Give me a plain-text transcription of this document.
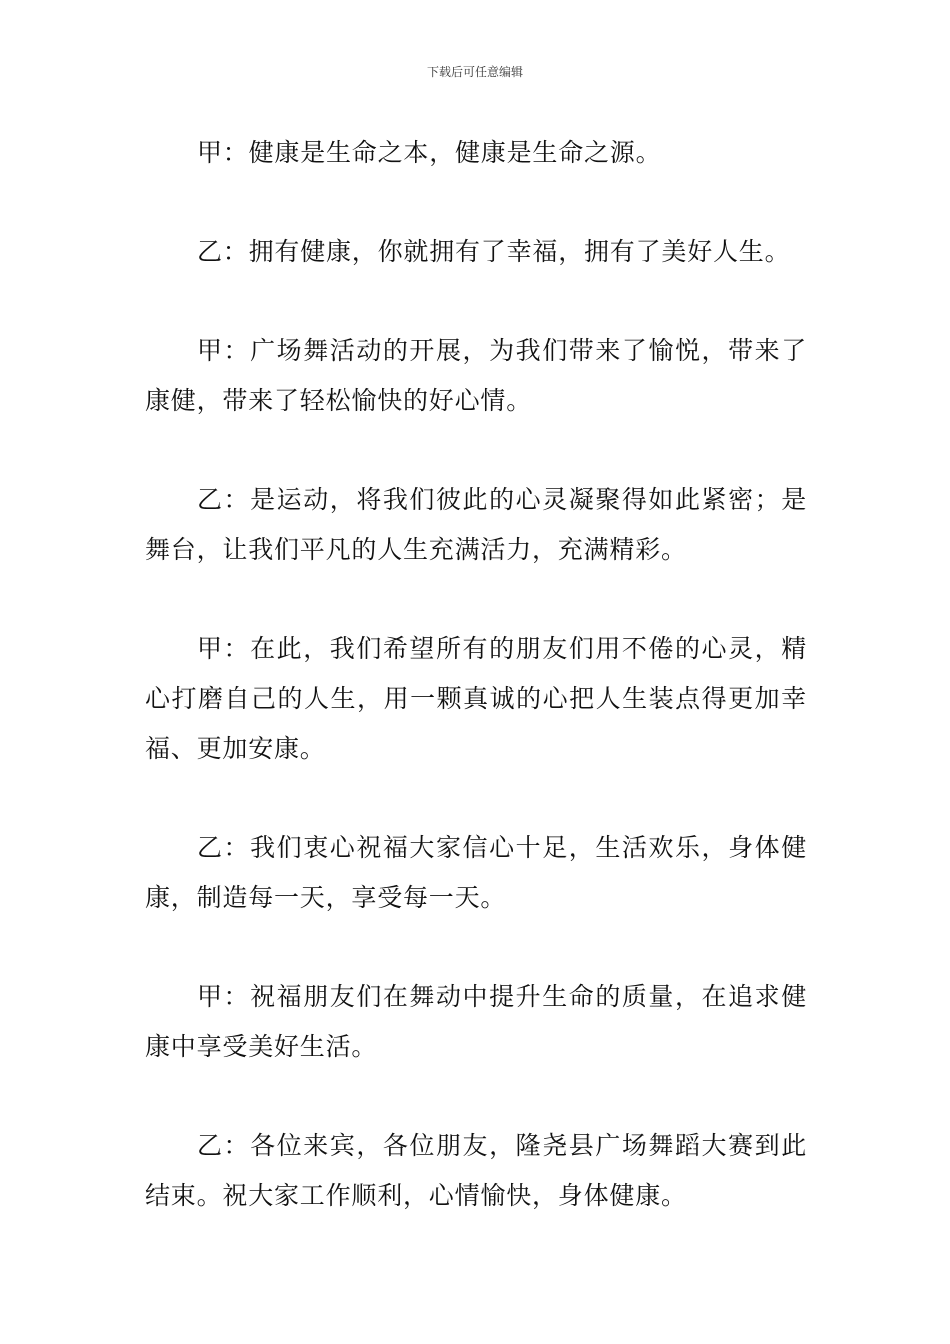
下载后可任意编辑

甲：健康是生命之本，健康是生命之源。

乙：拥有健康，你就拥有了幸福，拥有了美好人生。

甲：广场舞活动的开展，为我们带来了愉悦，带来了康健，带来了轻松愉快的好心情。

乙：是运动，将我们彼此的心灵凝聚得如此紧密；是舞台，让我们平凡的人生充满活力，充满精彩。

甲：在此，我们希望所有的朋友们用不倦的心灵，精心打磨自己的人生，用一颗真诚的心把人生装点得更加幸福、更加安康。

乙：我们衷心祝福大家信心十足，生活欢乐，身体健康，制造每一天，享受每一天。

甲：祝福朋友们在舞动中提升生命的质量，在追求健康中享受美好生活。

乙：各位来宾，各位朋友，隆尧县广场舞蹈大赛到此结束。祝大家工作顺利，心情愉快，身体健康。
